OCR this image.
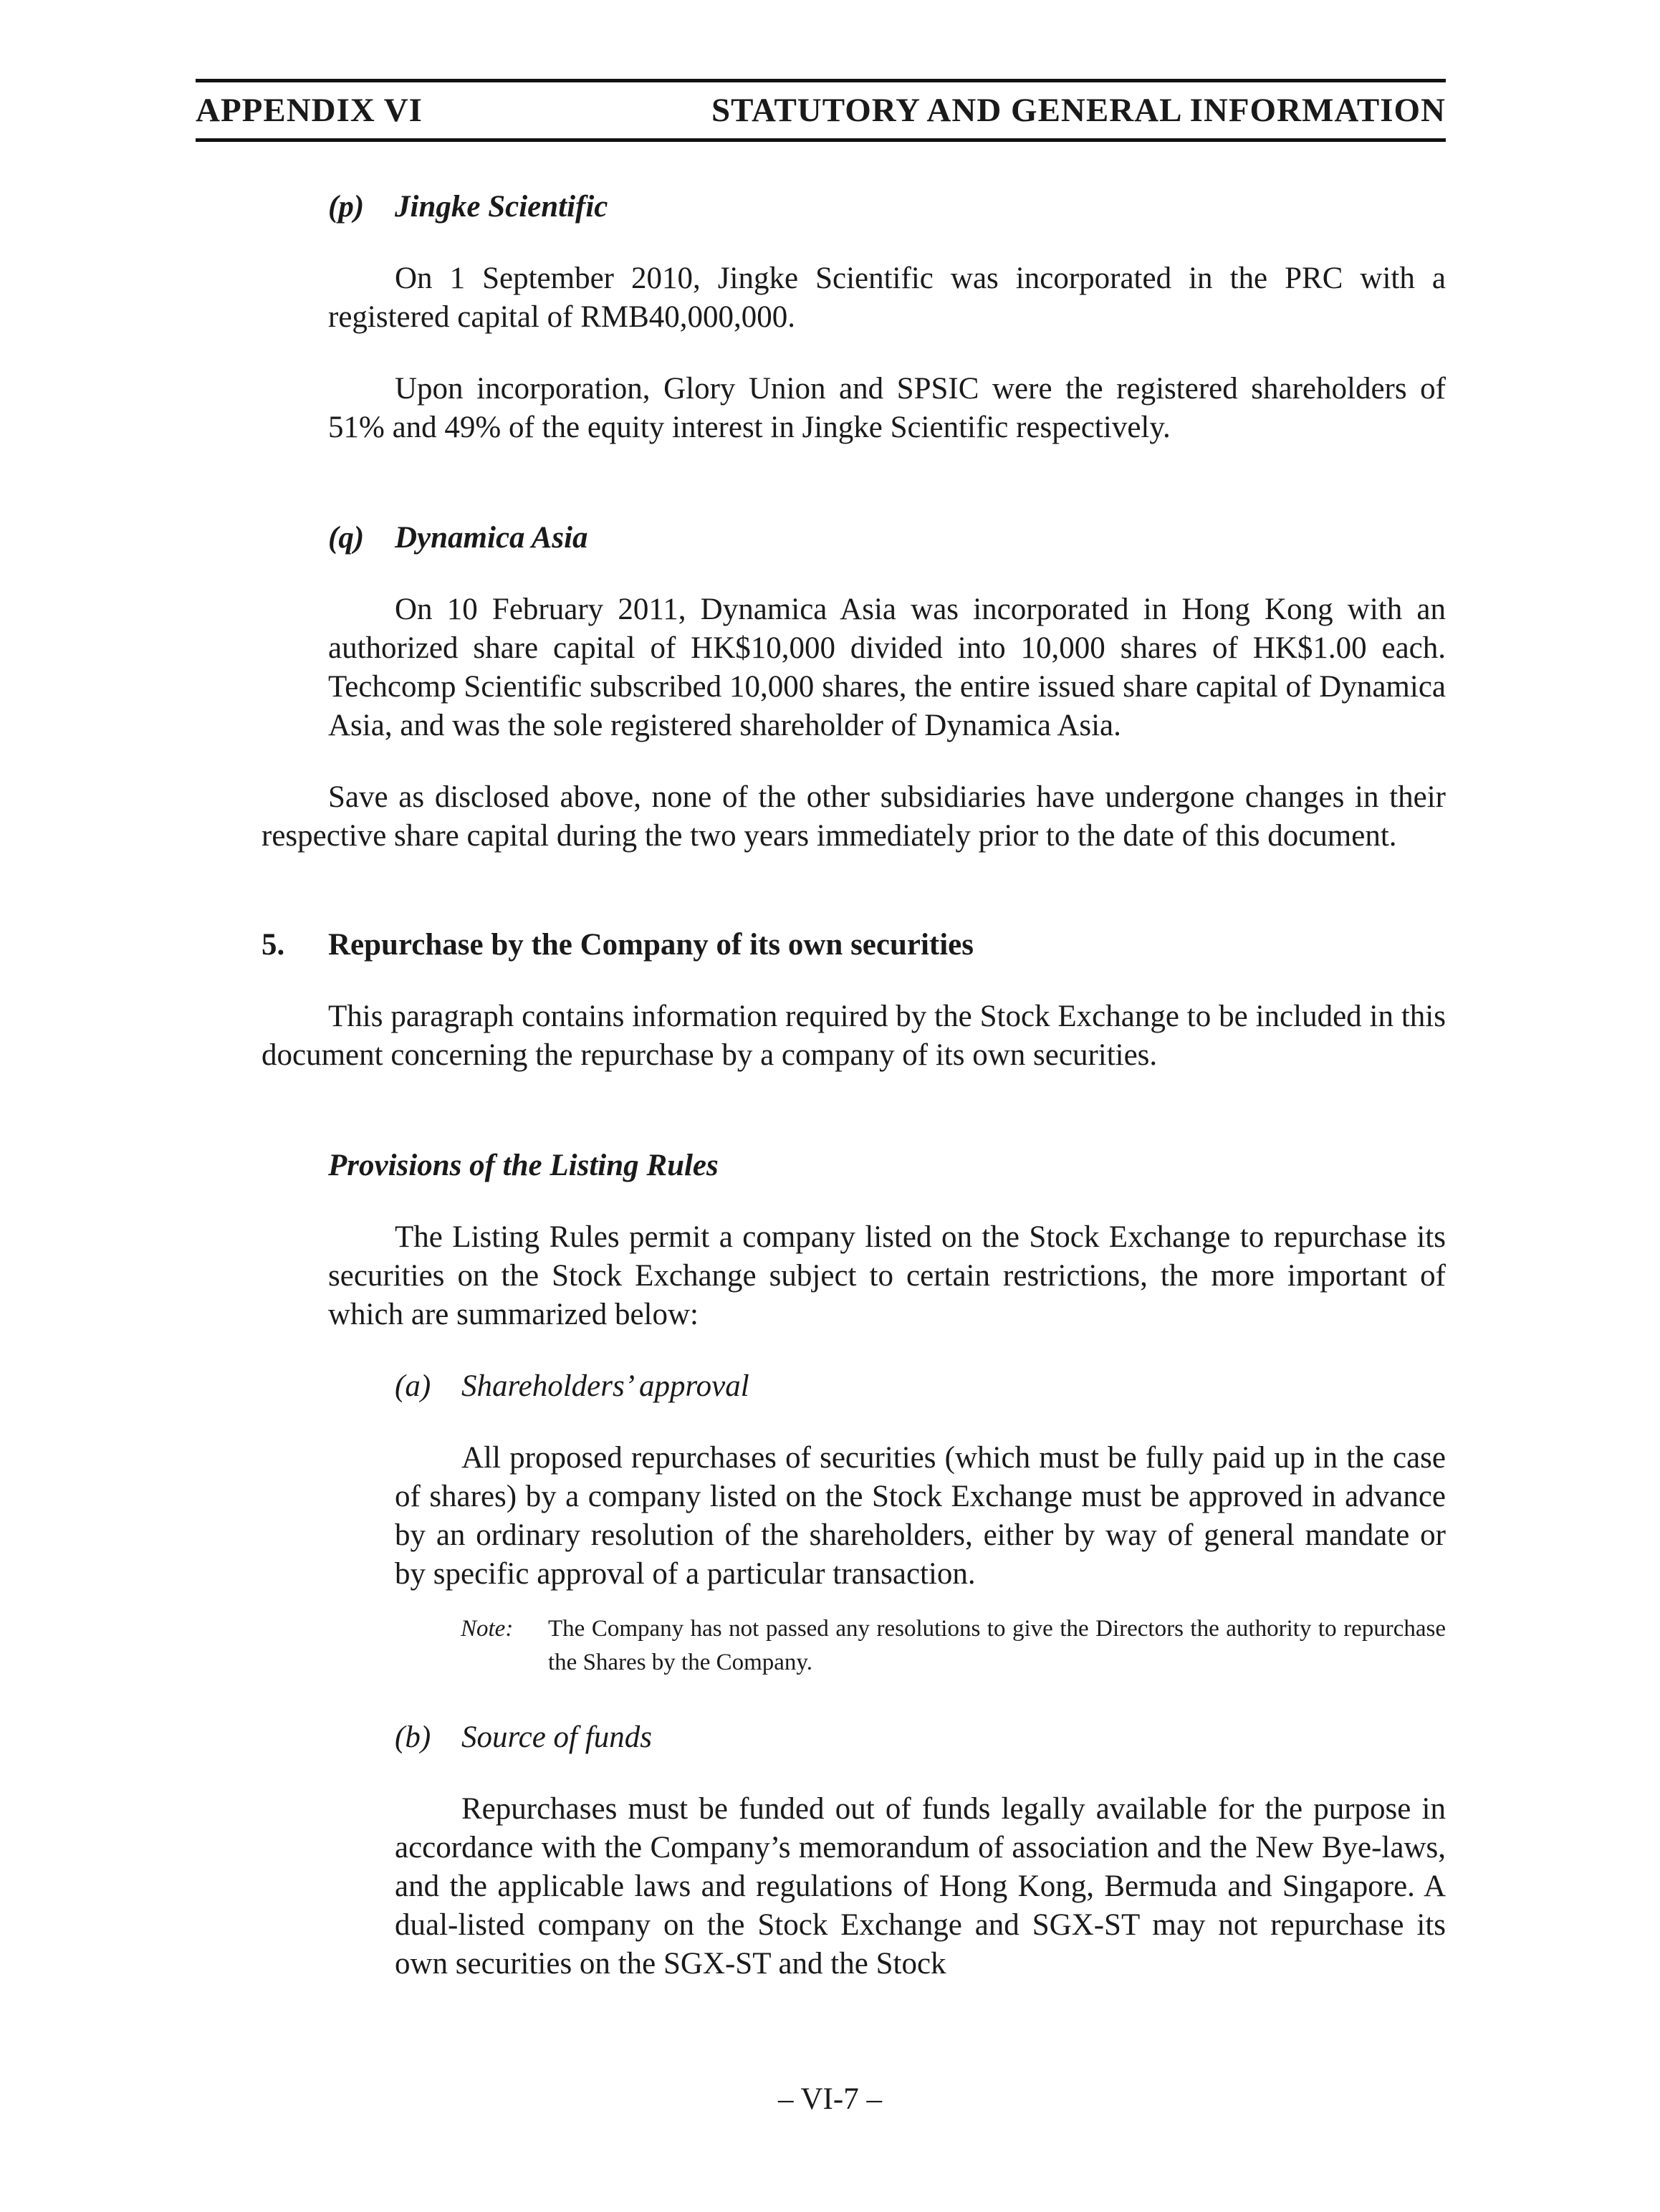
APPENDIX VI	STATUTORY AND GENERAL INFORMATION

(p) Jingke Scientific

On 1 September 2010, Jingke Scientific was incorporated in the PRC with a registered capital of RMB40,000,000.

Upon incorporation, Glory Union and SPSIC were the registered shareholders of 51% and 49% of the equity interest in Jingke Scientific respectively.

(q) Dynamica Asia

On 10 February 2011, Dynamica Asia was incorporated in Hong Kong with an authorized share capital of HK$10,000 divided into 10,000 shares of HK$1.00 each. Techcomp Scientific subscribed 10,000 shares, the entire issued share capital of Dynamica Asia, and was the sole registered shareholder of Dynamica Asia.

Save as disclosed above, none of the other subsidiaries have undergone changes in their respective share capital during the two years immediately prior to the date of this document.

5. Repurchase by the Company of its own securities

This paragraph contains information required by the Stock Exchange to be included in this document concerning the repurchase by a company of its own securities.

Provisions of the Listing Rules

The Listing Rules permit a company listed on the Stock Exchange to repurchase its securities on the Stock Exchange subject to certain restrictions, the more important of which are summarized below:

(a) Shareholders’ approval

All proposed repurchases of securities (which must be fully paid up in the case of shares) by a company listed on the Stock Exchange must be approved in advance by an ordinary resolution of the shareholders, either by way of general mandate or by specific approval of a particular transaction.

Note: The Company has not passed any resolutions to give the Directors the authority to repurchase the Shares by the Company.

(b) Source of funds

Repurchases must be funded out of funds legally available for the purpose in accordance with the Company’s memorandum of association and the New Bye-laws, and the applicable laws and regulations of Hong Kong, Bermuda and Singapore. A dual-listed company on the Stock Exchange and SGX-ST may not repurchase its own securities on the SGX-ST and the Stock

– VI-7 –
